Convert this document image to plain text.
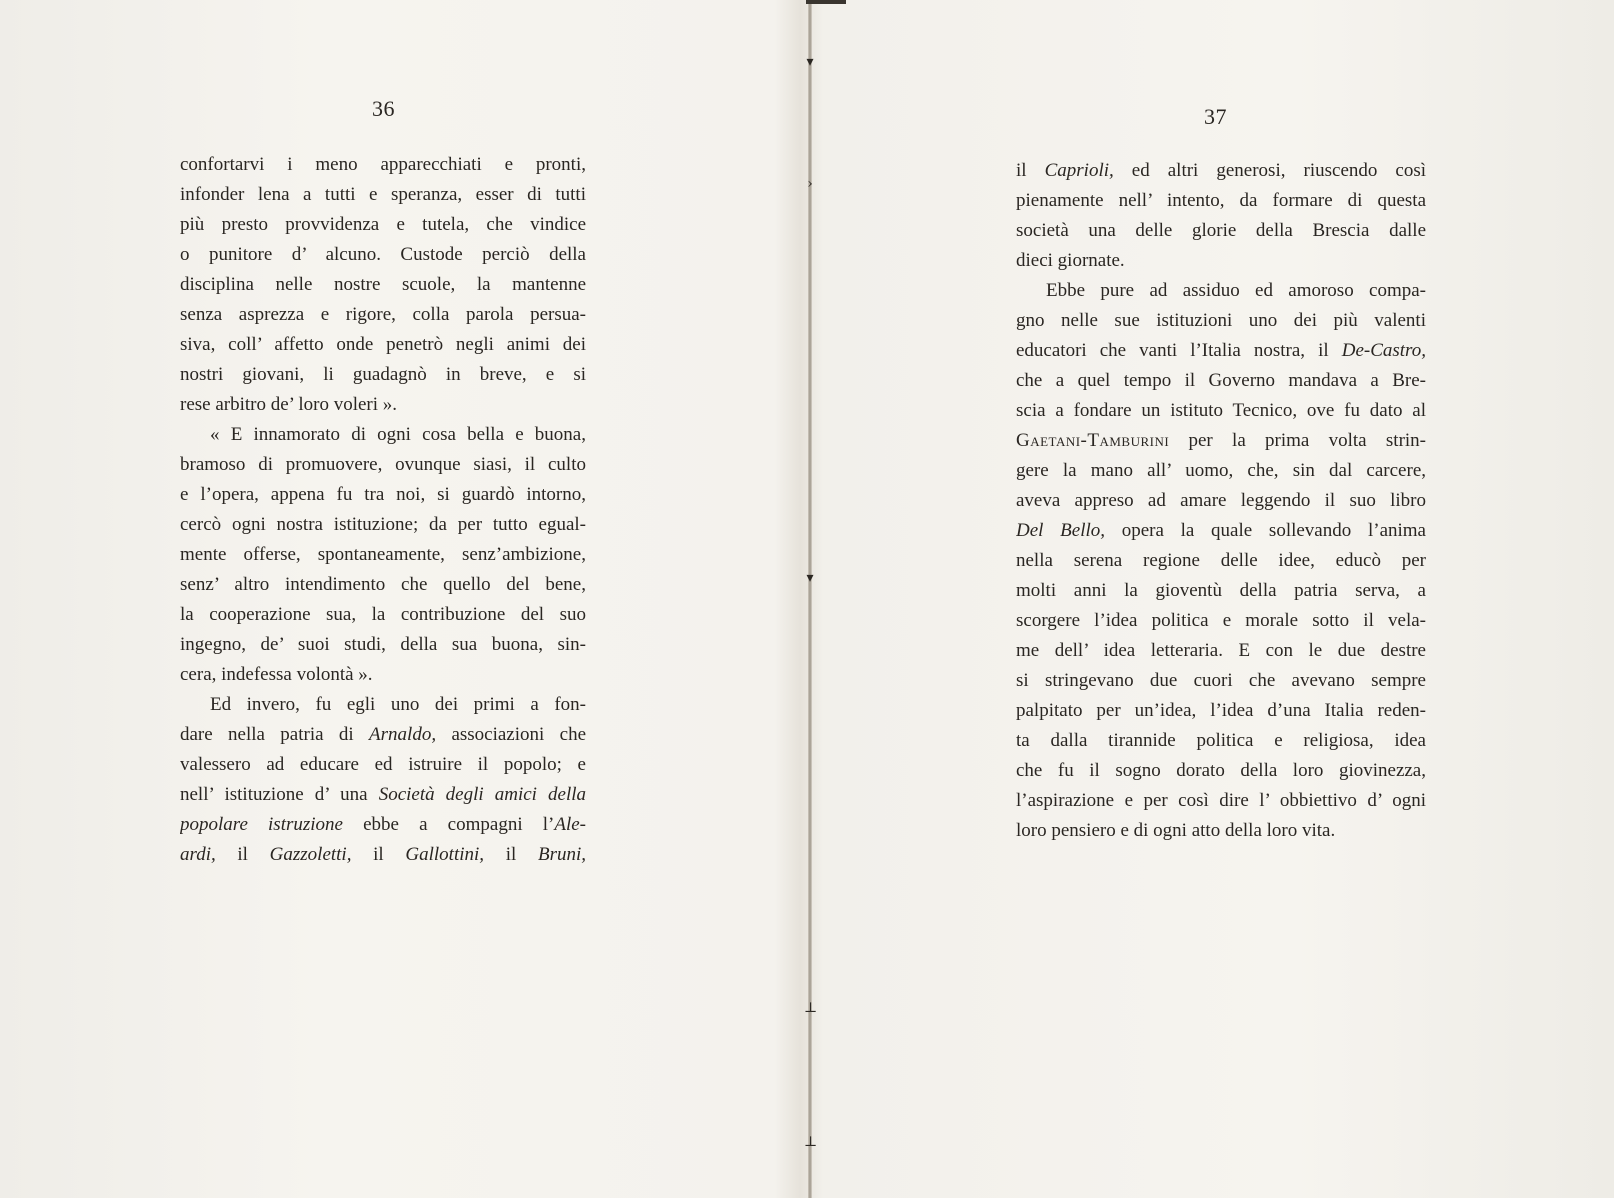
▾
›
▾
⊥
⊥
36
confortarvi i meno apparecchiati e pronti,
infonder lena a tutti e speranza, esser di tutti
più presto provvidenza e tutela, che vindice
o punitore d’ alcuno. Custode perciò della
disciplina nelle nostre scuole, la mantenne
senza asprezza e rigore, colla parola persua-
siva, coll’ affetto onde penetrò negli animi dei
nostri giovani, li guadagnò in breve, e si
rese arbitro de’ loro voleri ».
« E innamorato di ogni cosa bella e buona,
bramoso di promuovere, ovunque siasi, il culto
e l’opera, appena fu tra noi, si guardò intorno,
cercò ogni nostra istituzione; da per tutto egual-
mente offerse, spontaneamente, senz’ambizione,
senz’ altro intendimento che quello del bene,
la cooperazione sua, la contribuzione del suo
ingegno, de’ suoi studi, della sua buona, sin-
cera, indefessa volontà ».
Ed invero, fu egli uno dei primi a fon-
dare nella patria di Arnaldo, associazioni che
valessero ad educare ed istruire il popolo; e
nell’ istituzione d’ una Società degli amici della
popolare istruzione ebbe a compagni l’Ale-
ardi, il Gazzoletti, il Gallottini, il Bruni,
37
il Caprioli, ed altri generosi, riuscendo così
pienamente nell’ intento, da formare di questa
società una delle glorie della Brescia dalle
dieci giornate.
Ebbe pure ad assiduo ed amoroso compa-
gno nelle sue istituzioni uno dei più valenti
educatori che vanti l’Italia nostra, il De-Castro,
che a quel tempo il Governo mandava a Bre-
scia a fondare un istituto Tecnico, ove fu dato al
Gaetani-Tamburini per la prima volta strin-
gere la mano all’ uomo, che, sin dal carcere,
aveva appreso ad amare leggendo il suo libro
Del Bello, opera la quale sollevando l’anima
nella serena regione delle idee, educò per
molti anni la gioventù della patria serva, a
scorgere l’idea politica e morale sotto il vela-
me dell’ idea letteraria. E con le due destre
si stringevano due cuori che avevano sempre
palpitato per un’idea, l’idea d’una Italia reden-
ta dalla tirannide politica e religiosa, idea
che fu il sogno dorato della loro giovinezza,
l’aspirazione e per così dire l’ obbiettivo d’ ogni
loro pensiero e di ogni atto della loro vita.
